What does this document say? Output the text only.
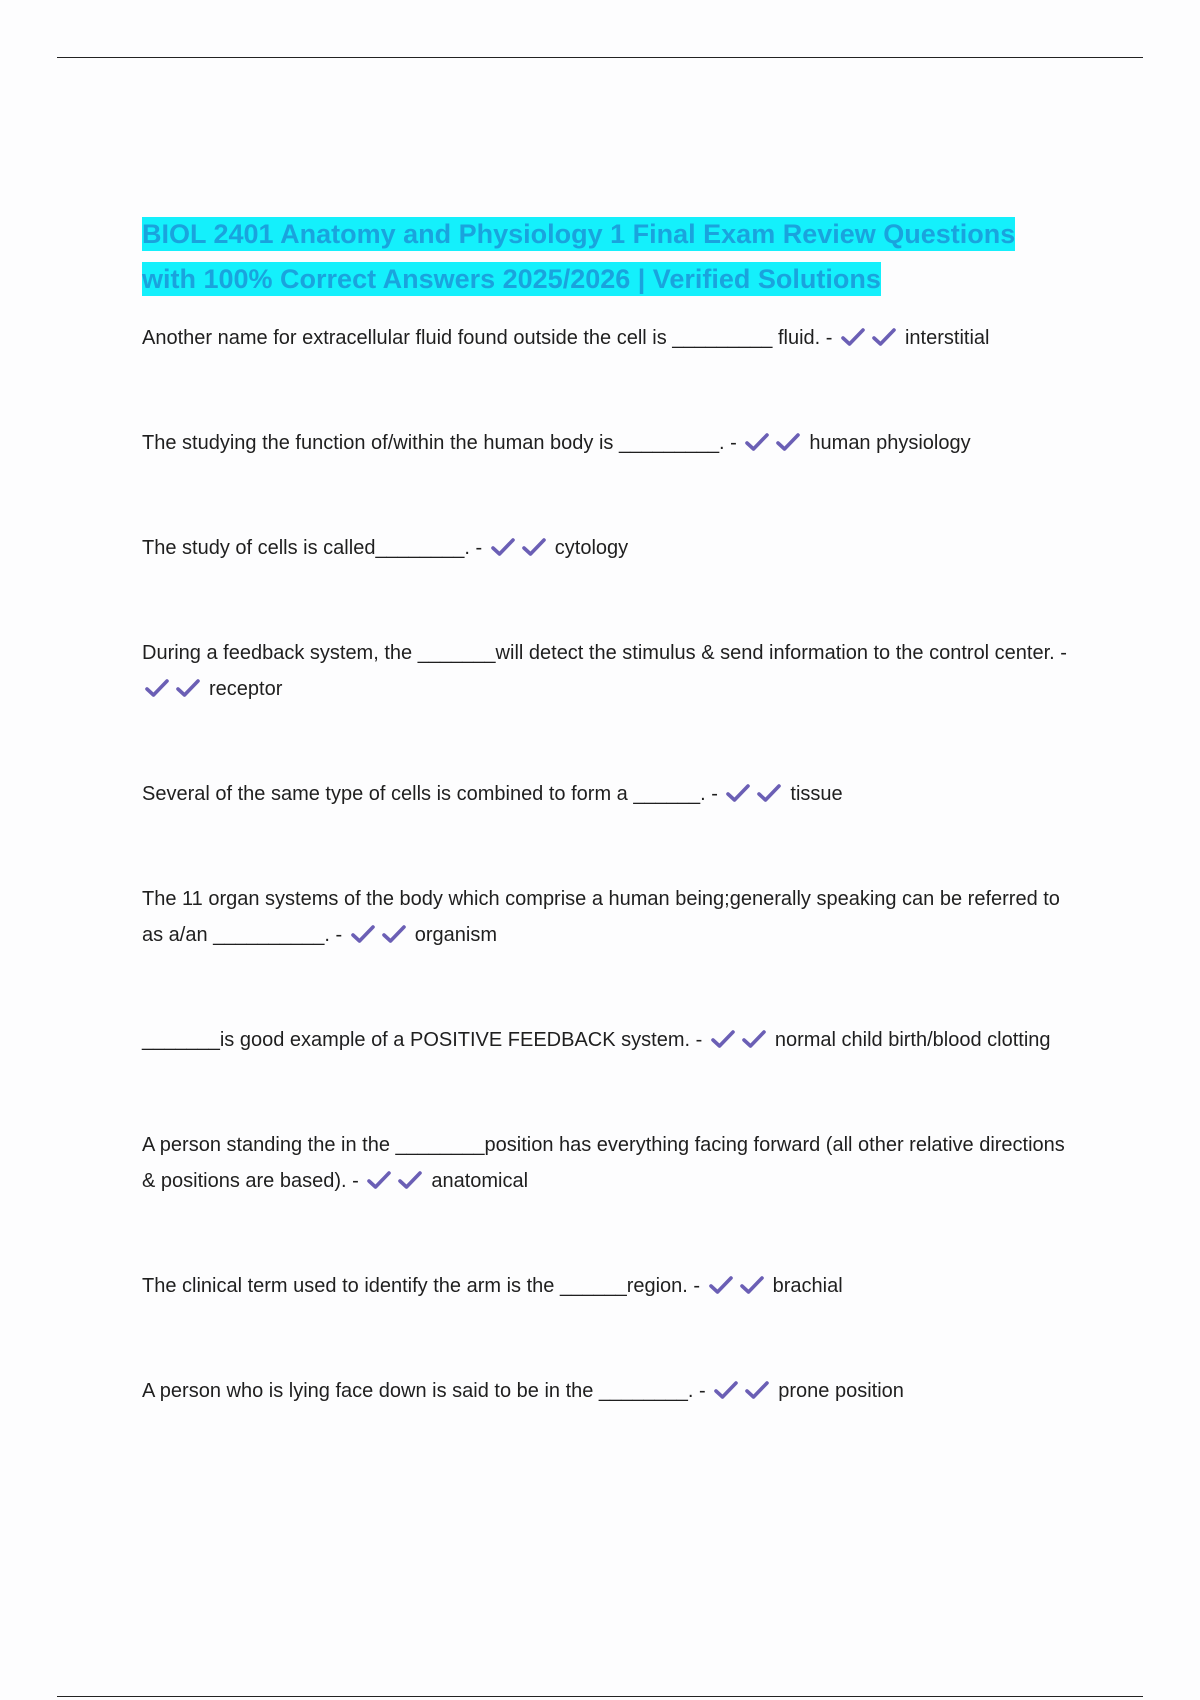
BIOL 2401 Anatomy and Physiology 1 Final Exam Review Questions with 100% Correct Answers 2025/2026 | Verified Solutions
Another name for extracellular fluid found outside the cell is _________ fluid. -	interstitial
The studying the function of/within the human body is _________. -	human physiology
The study of cells is called________. -	cytology
During a feedback system, the _______will detect the stimulus & send information to the control center. -
receptor
Several of the same type of cells is combined to form a ______. -	tissue
The 11 organ systems of the body which comprise a human being;generally speaking can be referred to as a/an __________. -	organism
_______is good example of a POSITIVE FEEDBACK system. -	normal child birth/blood clotting
A person standing the in the ________position has everything facing forward (all other relative directions & positions are based). -	anatomical
The clinical term used to identify the arm is the ______region. -	brachial
A person who is lying face down is said to be in the ________. -	prone position
